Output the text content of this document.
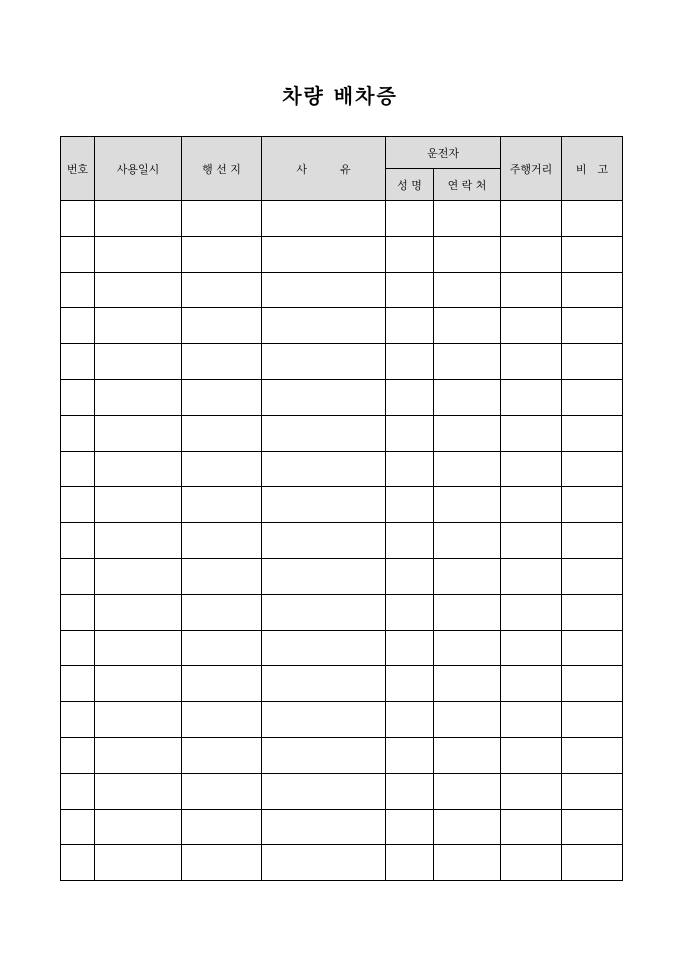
차량 배차증
번호	사용일시	행 선 지	사　　　유	운전자		주행거리	비　고
				성 명	연 락 처		
